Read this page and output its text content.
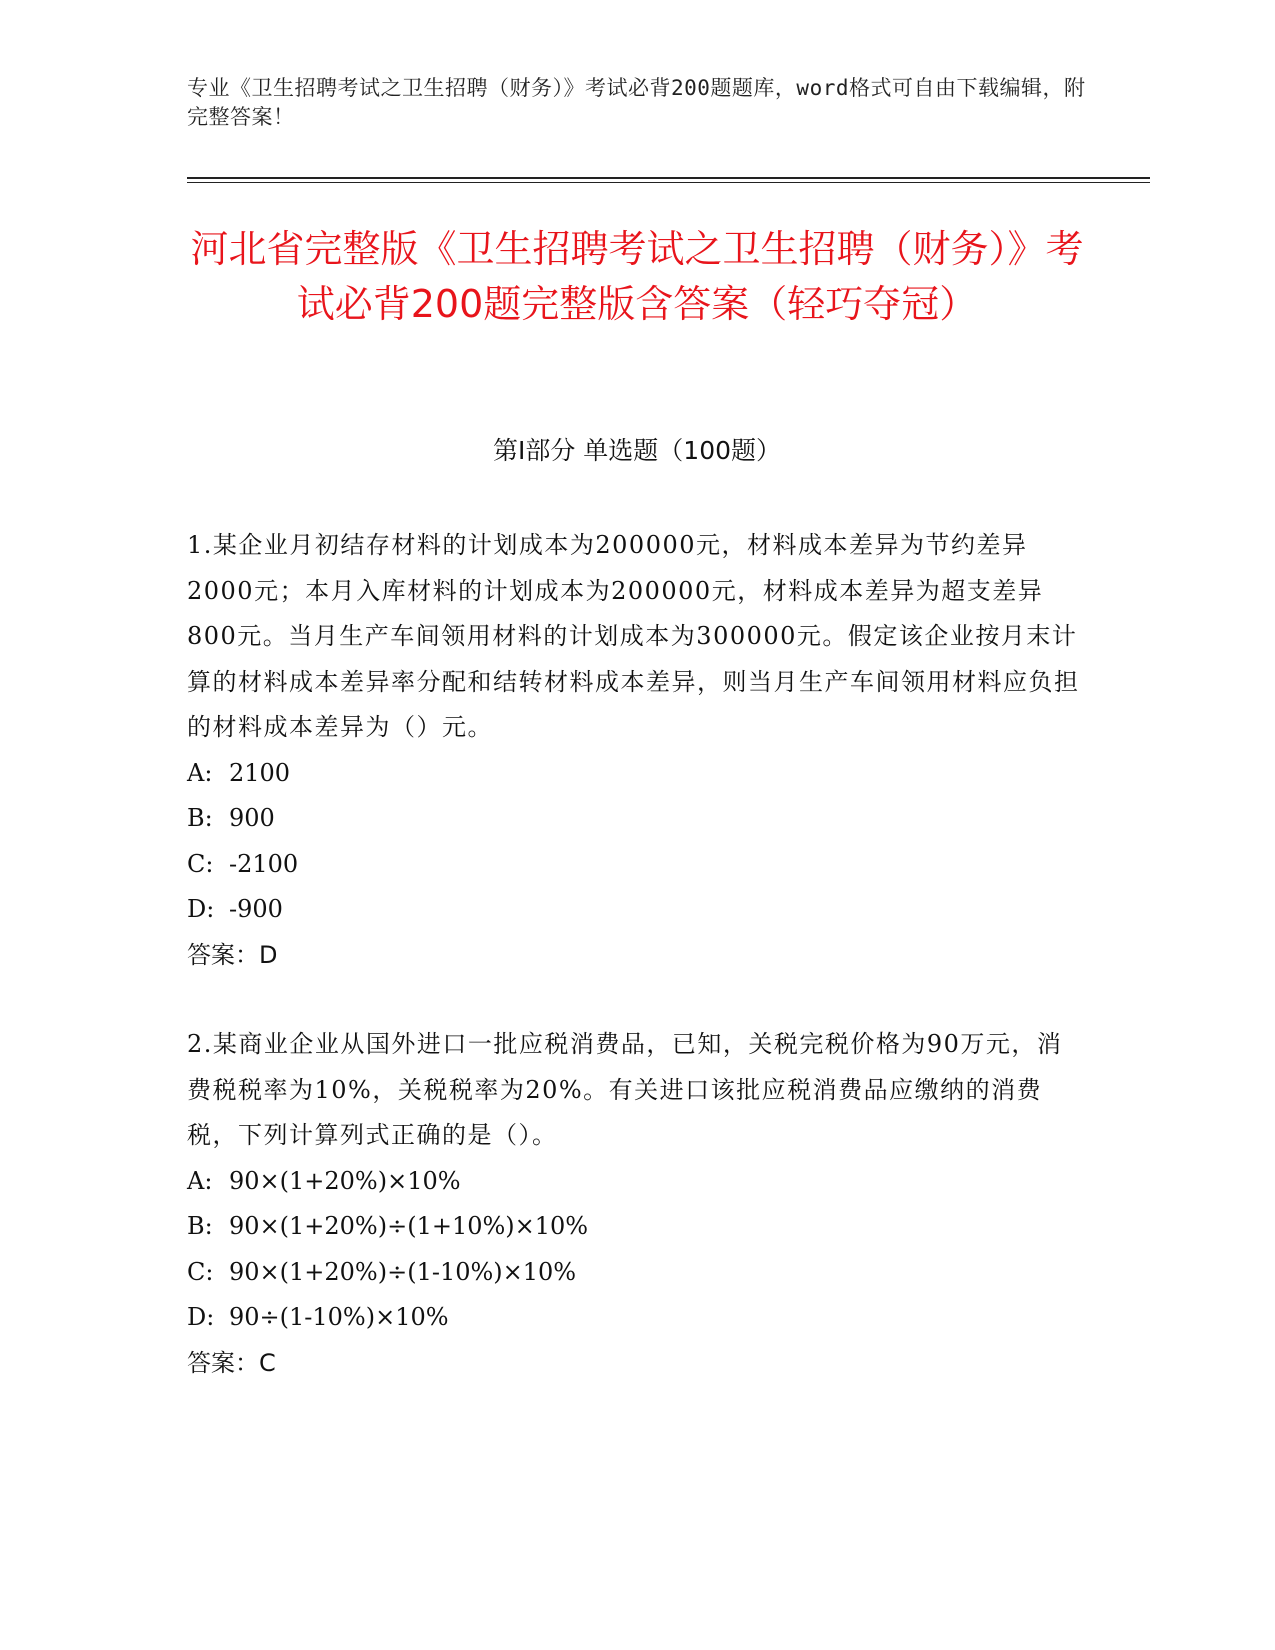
专业《卫生招聘考试之卫生招聘（财务）》考试必背200题题库，word格式可自由下载编辑，附完整答案！

河北省完整版《卫生招聘考试之卫生招聘（财务）》考试必背200题完整版含答案（轻巧夺冠）
第Ⅰ部分 单选题（100题）

1.某企业月初结存材料的计划成本为200000元，材料成本差异为节约差异2000元；本月入库材料的计划成本为200000元，材料成本差异为超支差异800元。当月生产车间领用材料的计划成本为300000元。假定该企业按月末计算的材料成本差异率分配和结转材料成本差异，则当月生产车间领用材料应负担的材料成本差异为（）元。

A: 2100

B: 900

C: -2100

D: -900

答案：D

2.某商业企业从国外进口一批应税消费品，已知，关税完税价格为90万元，消费税税率为10%，关税税率为20%。有关进口该批应税消费品应缴纳的消费税，下列计算列式正确的是（）。

A: 90×(1+20%)×10%

B: 90×(1+20%)÷(1+10%)×10%

C: 90×(1+20%)÷(1-10%)×10%

D: 90÷(1-10%)×10%

答案：C
